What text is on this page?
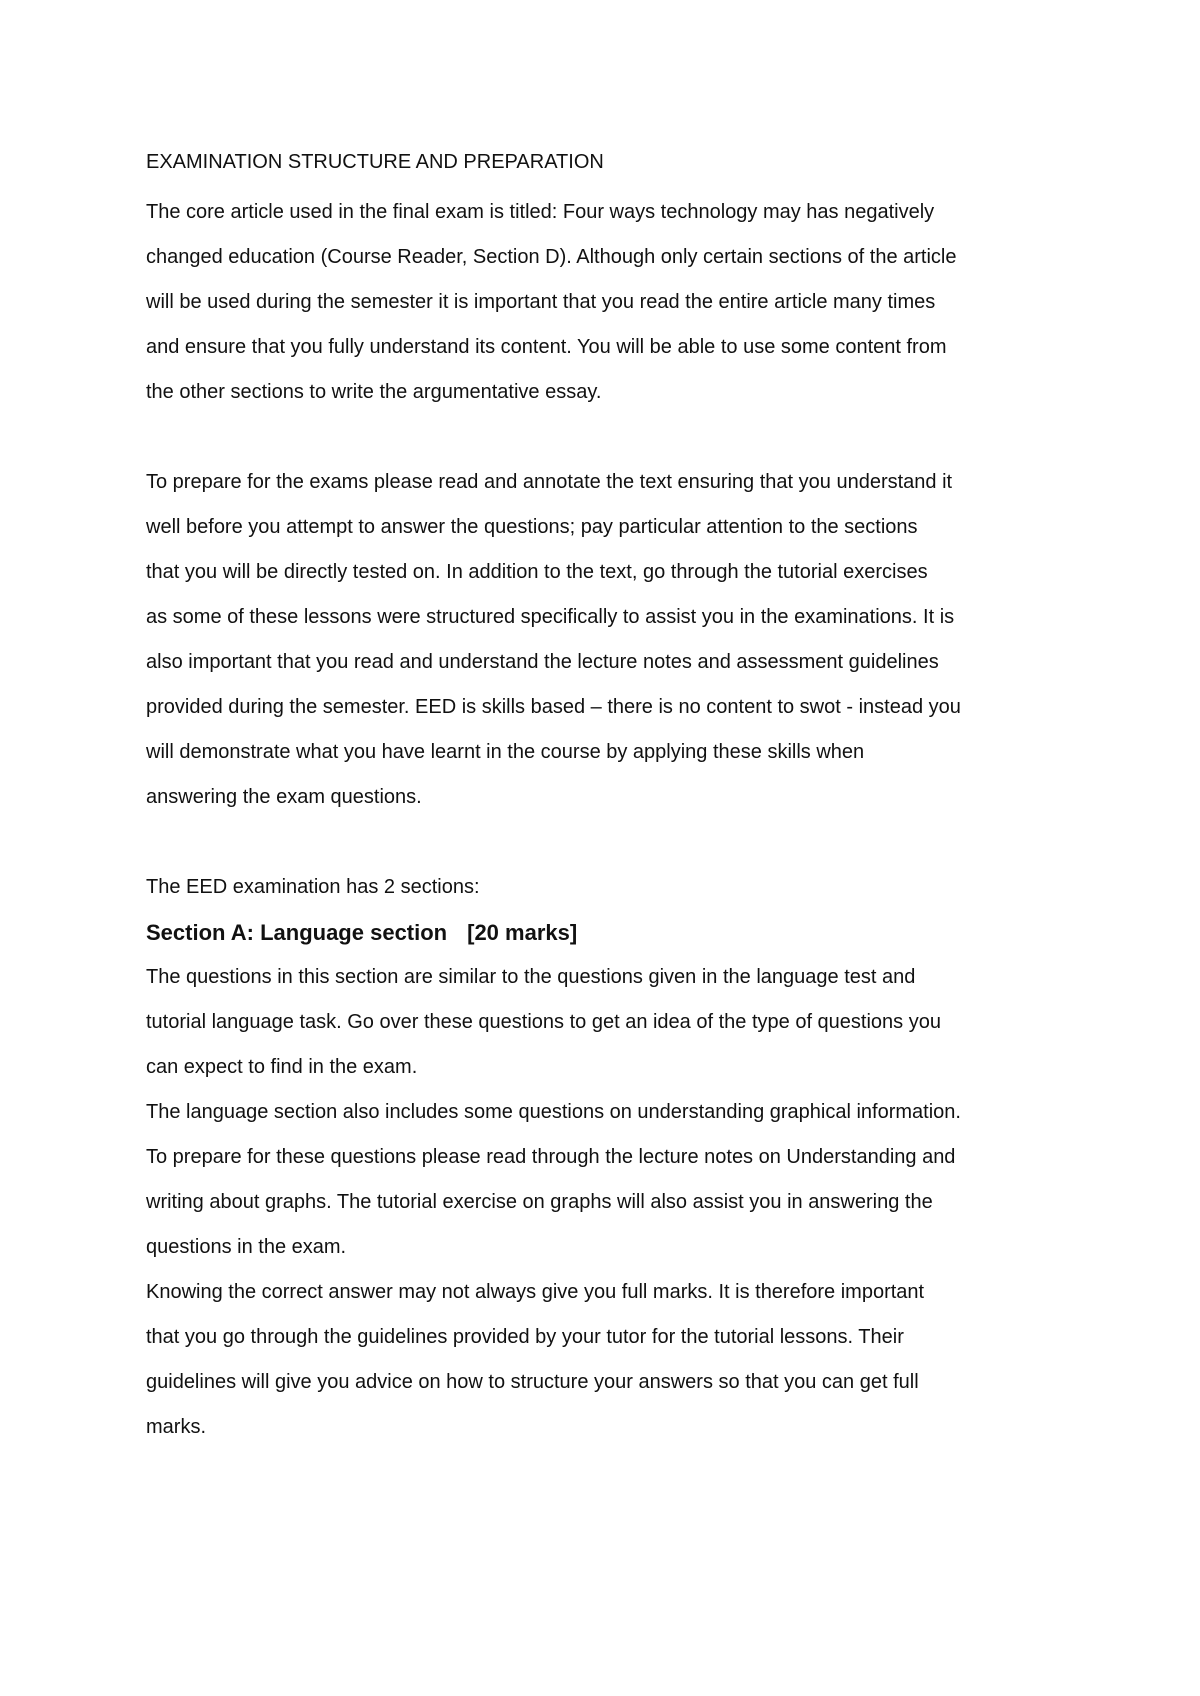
EXAMINATION STRUCTURE AND PREPARATION
The core article used in the final exam is titled: Four ways technology may has negatively
changed education (Course Reader, Section D). Although only certain sections of the article
will be used during the semester it is important that you read the entire article many times
and ensure that you fully understand its content. You will be able to use some content from
the other sections to write the argumentative essay.
To prepare for the exams please read and annotate the text ensuring that you understand it
well before you attempt to answer the questions; pay particular attention to the sections
that you will be directly tested on. In addition to the text, go through the tutorial exercises
as some of these lessons were structured specifically to assist you in the examinations. It is
also important that you read and understand the lecture notes and assessment guidelines
provided during the semester. EED is skills based – there is no content to swot - instead you
will demonstrate what you have learnt in the course by applying these skills when
answering the exam questions.
The EED examination has 2 sections:
Section A: Language section [20 marks]
The questions in this section are similar to the questions given in the language test and
tutorial language task. Go over these questions to get an idea of the type of questions you
can expect to find in the exam.
The language section also includes some questions on understanding graphical information.
To prepare for these questions please read through the lecture notes on Understanding and
writing about graphs. The tutorial exercise on graphs will also assist you in answering the
questions in the exam.
Knowing the correct answer may not always give you full marks. It is therefore important
that you go through the guidelines provided by your tutor for the tutorial lessons. Their
guidelines will give you advice on how to structure your answers so that you can get full
marks.
